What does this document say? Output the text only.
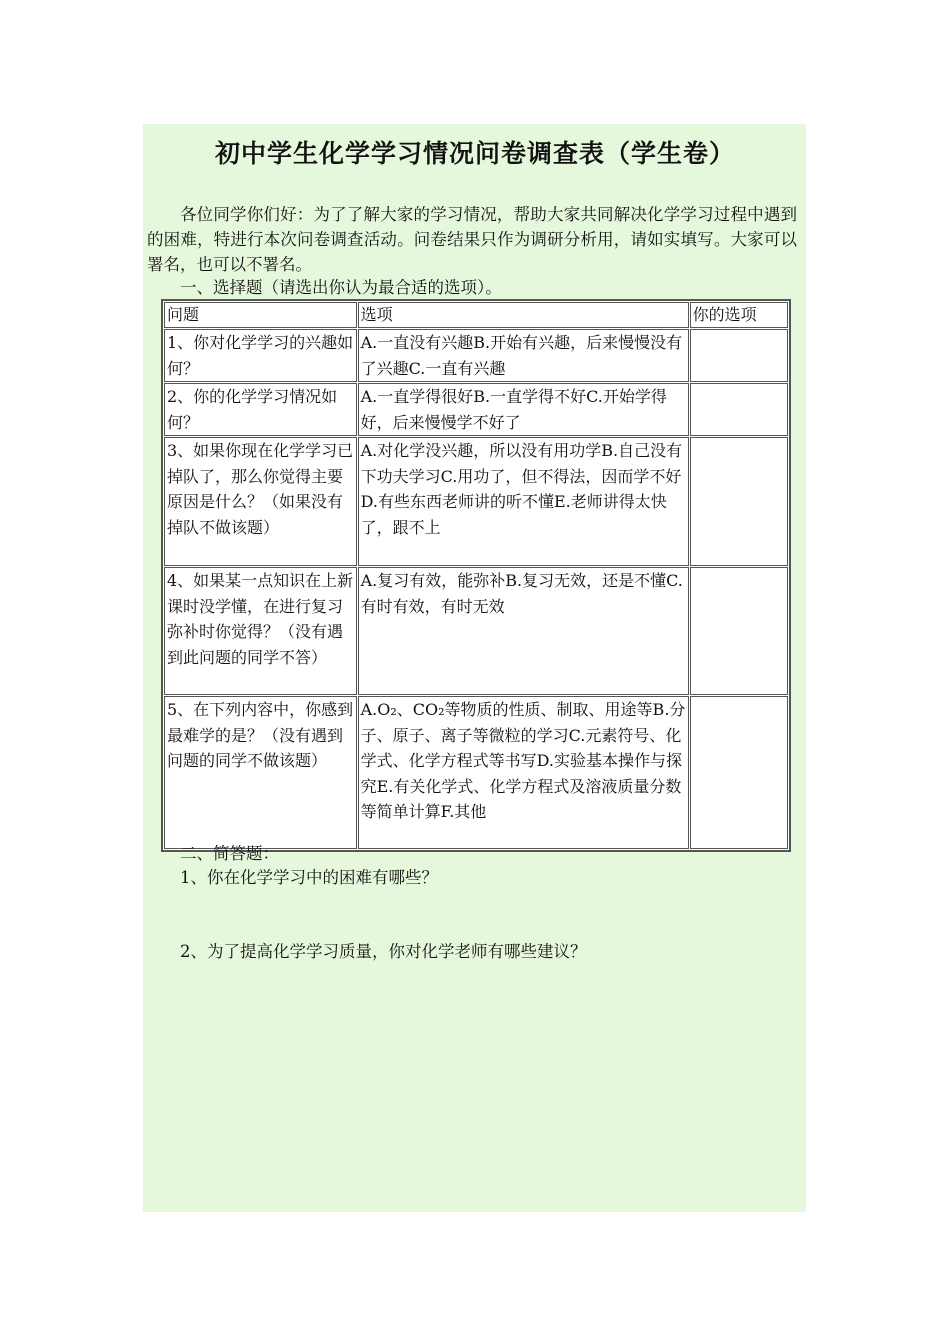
初中学生化学学习情况问卷调查表（学生卷）
各位同学你们好：为了了解大家的学习情况，帮助大家共同解决化学学习过程中遇到的困难，特进行本次问卷调查活动。问卷结果只作为调研分析用，请如实填写。大家可以署名，也可以不署名。
一、选择题（请选出你认为最合适的选项）。
问题	选项	你的选项
1、你对化学学习的兴趣如何？	A.一直没有兴趣B.开始有兴趣，后来慢慢没有了兴趣C.一直有兴趣	
2、你的化学学习情况如何？	A.一直学得很好B.一直学得不好C.开始学得好，后来慢慢学不好了	
3、如果你现在化学学习已掉队了，那么你觉得主要原因是什么？（如果没有掉队不做该题）	A.对化学没兴趣，所以没有用功学B.自己没有下功夫学习C.用功了，但不得法，因而学不好D.有些东西老师讲的听不懂E.老师讲得太快了，跟不上	
4、如果某一点知识在上新课时没学懂，在进行复习弥补时你觉得？（没有遇到此问题的同学不答）	A.复习有效，能弥补B.复习无效，还是不懂C.有时有效，有时无效	
5、在下列内容中，你感到最难学的是？（没有遇到问题的同学不做该题）	A.O₂、CO₂等物质的性质、制取、用途等B.分子、原子、离子等微粒的学习C.元素符号、化学式、化学方程式等书写D.实验基本操作与探究E.有关化学式、化学方程式及溶液质量分数等简单计算F.其他	
二、简答题：
1、你在化学学习中的困难有哪些？
2、为了提高化学学习质量，你对化学老师有哪些建议？
